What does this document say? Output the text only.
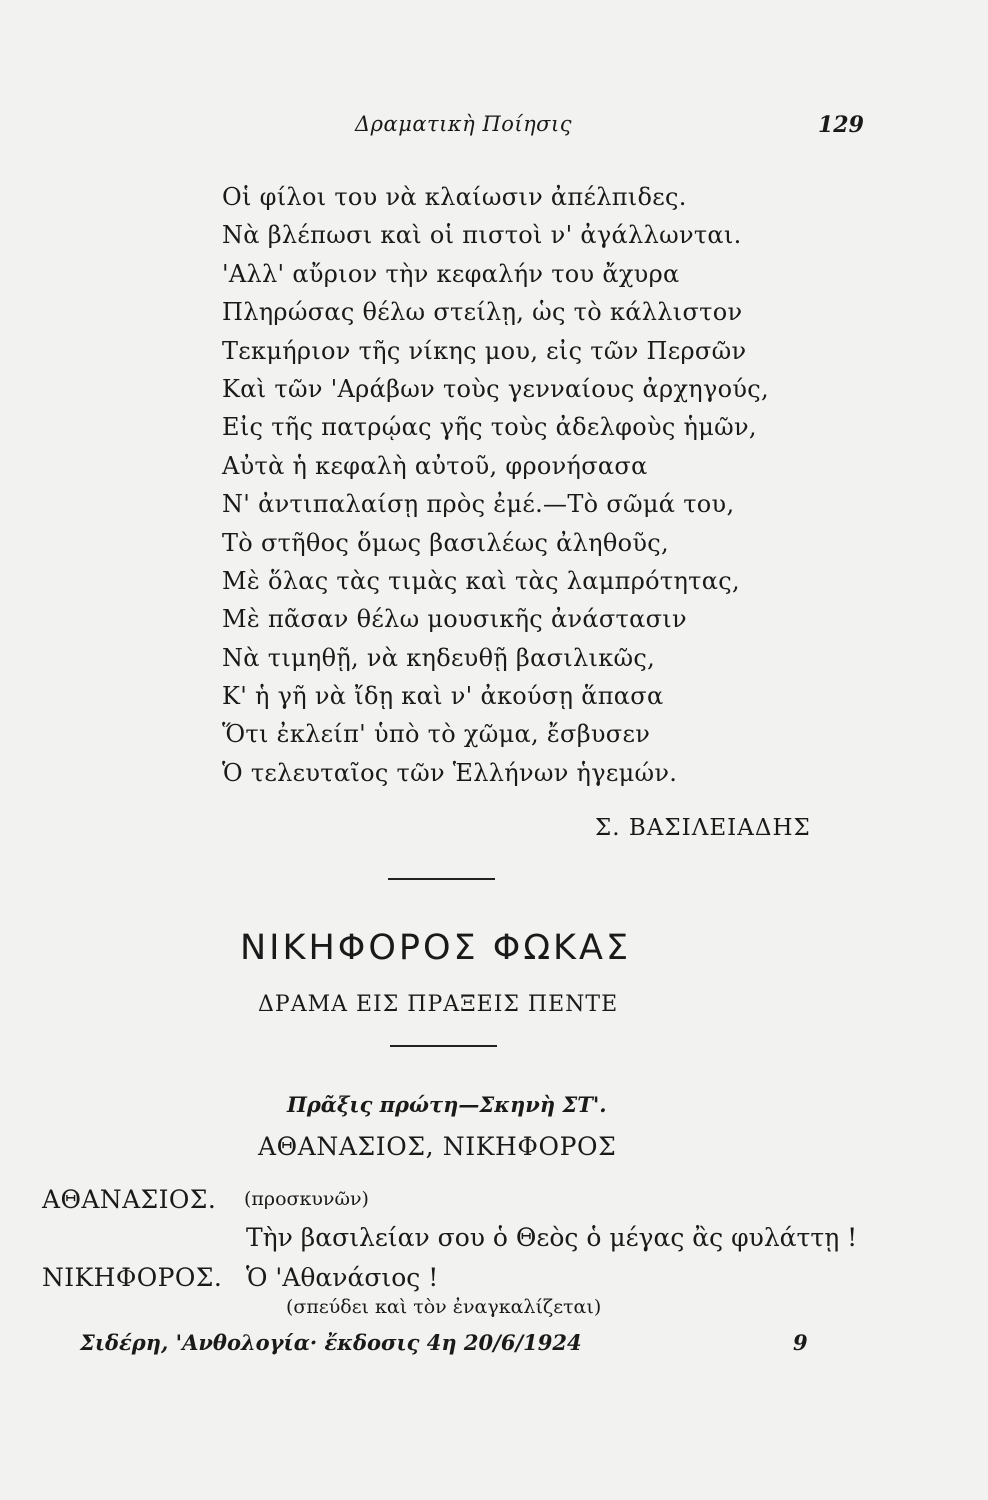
Δραματικὴ Ποίησις	129
Οἱ φίλοι του νὰ κλαίωσιν ἀπέλπιδες.
Νὰ βλέπωσι καὶ οἱ πιστοὶ ν' ἀγάλλωνται.
'Αλλ' αὔριον τὴν κεφαλήν του ἄχυρα
Πληρώσας θέλω στείλῃ, ὡς τὸ κάλλιστον
Τεκμήριον τῆς νίκης μου, εἰς τῶν Περσῶν
Καὶ τῶν 'Αράβων τοὺς γενναίους ἀρχηγούς,
Εἰς τῆς πατρῴας γῆς τοὺς ἀδελφοὺς ἡμῶν,
Αὐτὰ ἡ κεφαλὴ αὐτοῦ, φρονήσασα
Ν' ἀντιπαλαίσῃ πρὸς ἐμέ.—Τὸ σῶμά του,
Τὸ στῆθος ὅμως βασιλέως ἀληθοῦς,
Μὲ ὅλας τὰς τιμὰς καὶ τὰς λαμπρότητας,
Μὲ πᾶσαν θέλω μουσικῆς ἀνάστασιν
Νὰ τιμηθῇ, νὰ κηδευθῇ βασιλικῶς,
Κ' ἡ γῆ νὰ ἴδῃ καὶ ν' ἀκούσῃ ἅπασα
Ὅτι ἐκλείπ' ὑπὸ τὸ χῶμα, ἔσβυσεν
Ὁ τελευταῖος τῶν Ἑλλήνων ἡγεμών.
Σ. ΒΑΣΙΛΕΙΑΔΗΣ
ΝΙΚΗΦΟΡΟΣ ΦΩΚΑΣ
ΔΡΑΜΑ ΕΙΣ ΠΡΑΞΕΙΣ ΠΕΝΤΕ
Πρᾶξις πρώτη—Σκηνὴ ΣΤ'.
ΑΘΑΝΑΣΙΟΣ, ΝΙΚΗΦΟΡΟΣ
ΑΘΑΝΑΣΙΟΣ. (προσκυνῶν)
Τὴν βασιλείαν σου ὁ Θεὸς ὁ μέγας ἂς φυλάττῃ !
ΝΙΚΗΦΟΡΟΣ. Ὁ 'Αθανάσιος !
(σπεύδει καὶ τὸν ἐναγκαλίζεται)
Σιδέρη, 'Ανθολογία· ἔκδοσις 4η 20/6/1924	9
